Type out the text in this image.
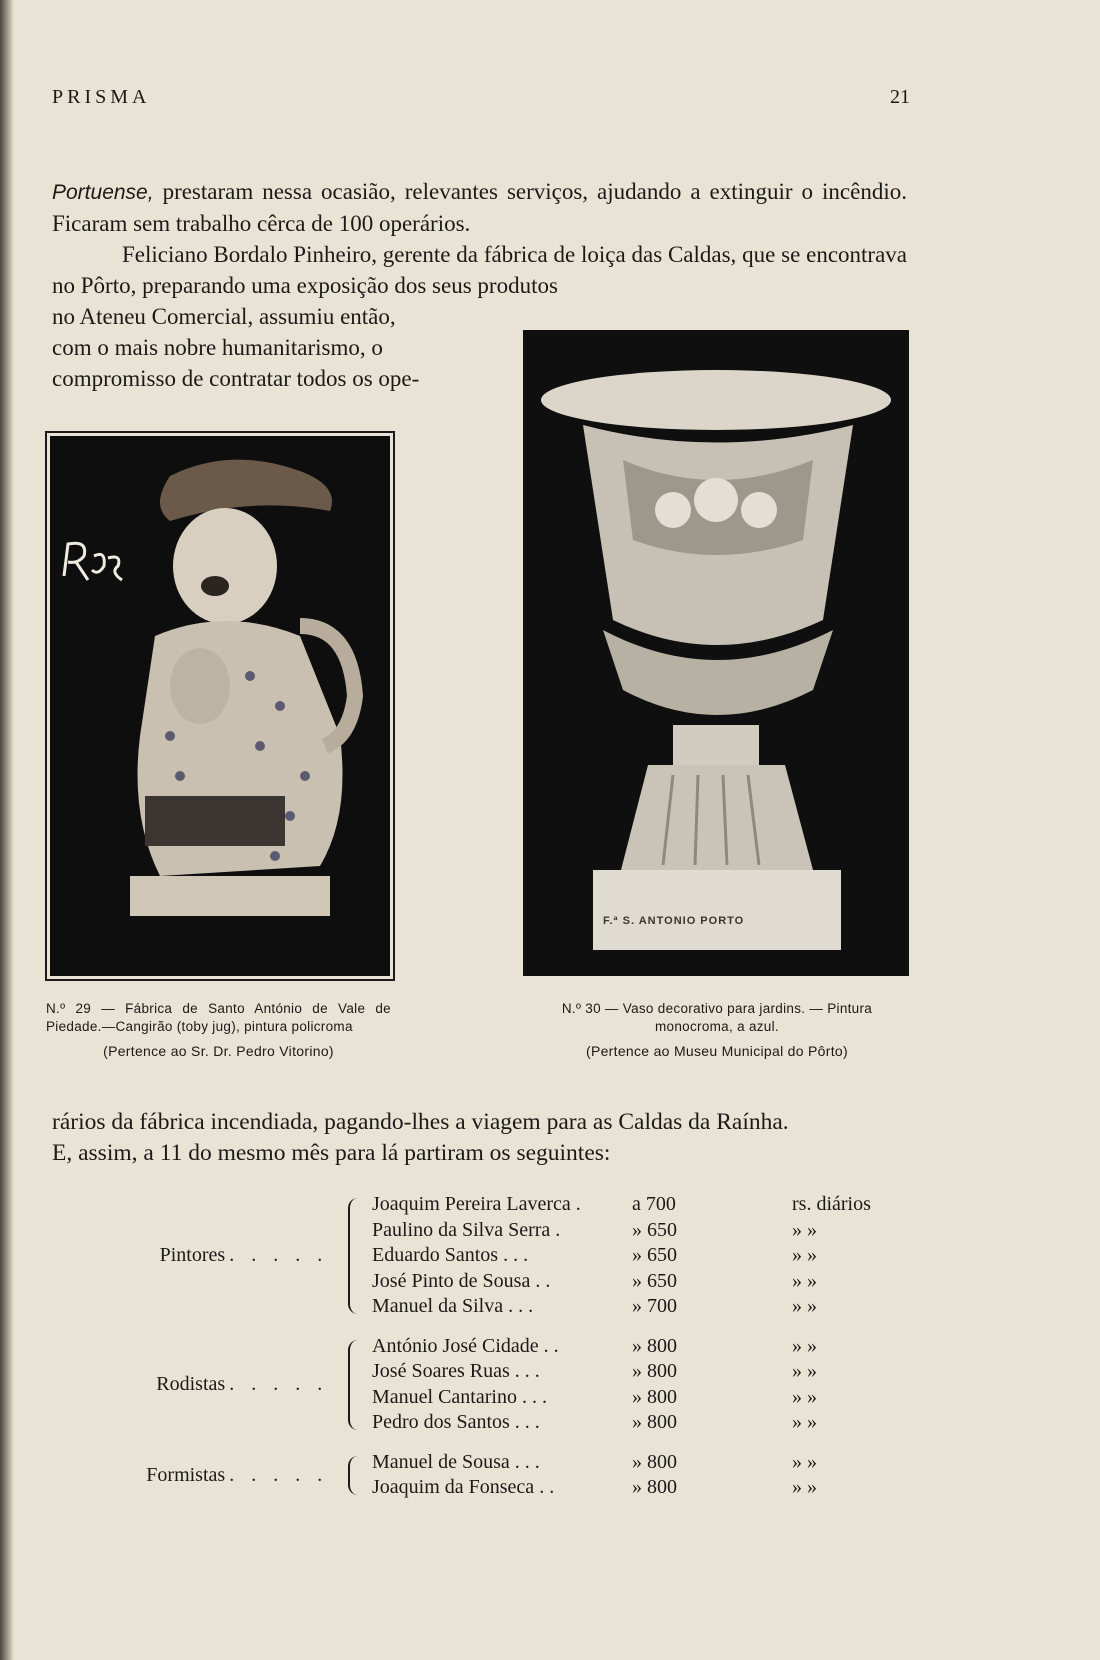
PRISMA	21
Portuense, prestaram nessa ocasião, relevantes serviços, ajudando a extinguir o incêndio. Ficaram sem trabalho cêrca de 100 operários.
Feliciano Bordalo Pinheiro, gerente da fábrica de loiça das Caldas, que se encontrava no Pôrto, preparando uma exposição dos seus produtos
no Ateneu Comercial, assumiu então,
com o mais nobre humanitarismo, o
compromisso de contratar todos os ope-
F.ª S. ANTONIO PORTO
N.º 29 — Fábrica de Santo António de Vale de Piedade.—Cangirão (toby jug), pintura policroma
(Pertence ao Sr. Dr. Pedro Vitorino)
N.º 30 — Vaso decorativo para jardins. — Pintura monocroma, a azul.
(Pertence ao Museu Municipal do Pôrto)
rários da fábrica incendiada, pagando-lhes a viagem para as Caldas da Raínha.
E, assim, a 11 do mesmo mês para lá partiram os seguintes:
Pintores . . . . .
Joaquim Pereira Laverca .	a 700	rs. diários
Paulino da Silva Serra .	» 650	» »
Eduardo Santos . . .	» 650	» »
José Pinto de Sousa . .	» 650	» »
Manuel da Silva . . .	» 700	» »
Rodistas . . . . .
António José Cidade . .	» 800	» »
José Soares Ruas . . .	» 800	» »
Manuel Cantarino . . .	» 800	» »
Pedro dos Santos . . .	» 800	» »
Formistas . . . . .
Manuel de Sousa . . .	» 800	» »
Joaquim da Fonseca . .	» 800	» »
